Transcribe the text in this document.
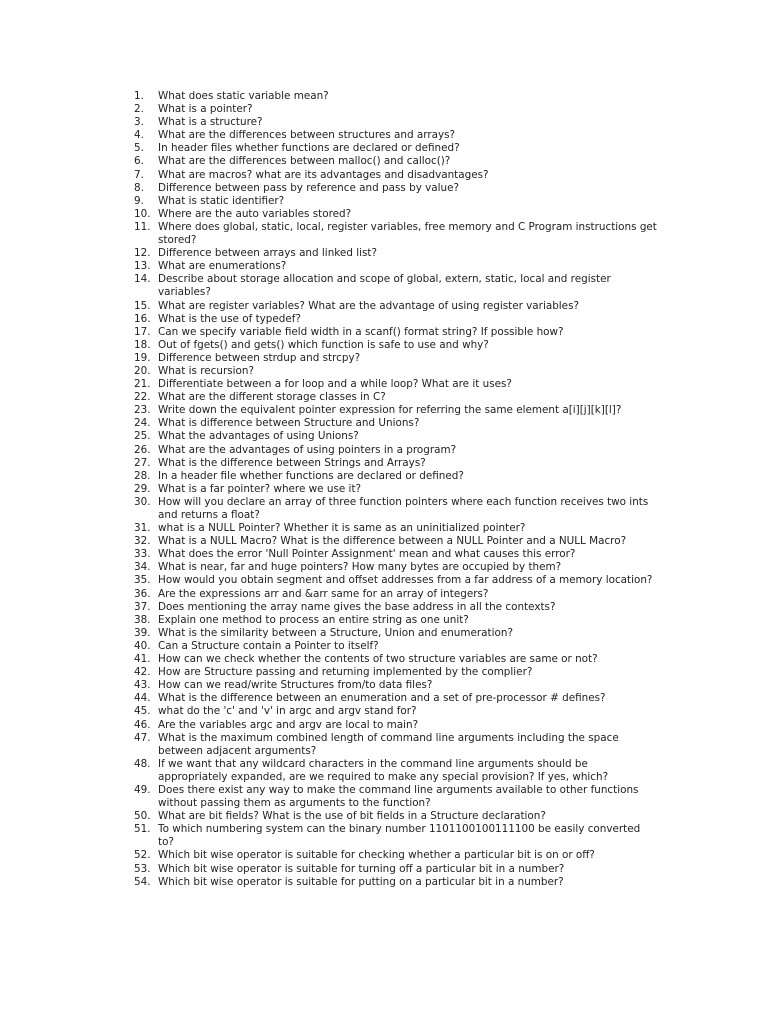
1.	What does static variable mean?
2.	What is a pointer?
3.	What is a structure?
4.	What are the differences between structures and arrays?
5.	In header files whether functions are declared or defined?
6.	What are the differences between malloc() and calloc()?
7.	What are macros? what are its advantages and disadvantages?
8.	Difference between pass by reference and pass by value?
9.	What is static identifier?
10. Where are the auto variables stored?
11. Where does global, static, local, register variables, free memory and C Program instructions get stored?
12. Difference between arrays and linked list?
13. What are enumerations?
14. Describe about storage allocation and scope of global, extern, static, local and register variables?
15. What are register variables? What are the advantage of using register variables?
16. What is the use of typedef?
17. Can we specify variable field width in a scanf() format string? If possible how?
18. Out of fgets() and gets() which function is safe to use and why?
19. Difference between strdup and strcpy?
20. What is recursion?
21. Differentiate between a for loop and a while loop? What are it uses?
22. What are the different storage classes in C?
23. Write down the equivalent pointer expression for referring the same element a[i][j][k][l]?
24. What is difference between Structure and Unions?
25. What the advantages of using Unions?
26. What are the advantages of using pointers in a program?
27. What is the difference between Strings and Arrays?
28. In a header file whether functions are declared or defined?
29. What is a far pointer? where we use it?
30. How will you declare an array of three function pointers where each function receives two ints and returns a float?
31. what is a NULL Pointer? Whether it is same as an uninitialized pointer?
32. What is a NULL Macro? What is the difference between a NULL Pointer and a NULL Macro?
33. What does the error 'Null Pointer Assignment' mean and what causes this error?
34. What is near, far and huge pointers? How many bytes are occupied by them?
35. How would you obtain segment and offset addresses from a far address of a memory location?
36. Are the expressions arr and &arr same for an array of integers?
37. Does mentioning the array name gives the base address in all the contexts?
38. Explain one method to process an entire string as one unit?
39. What is the similarity between a Structure, Union and enumeration?
40. Can a Structure contain a Pointer to itself?
41. How can we check whether the contents of two structure variables are same or not?
42. How are Structure passing and returning implemented by the complier?
43. How can we read/write Structures from/to data files?
44. What is the difference between an enumeration and a set of pre-processor # defines?
45. what do the 'c' and 'v' in argc and argv stand for?
46. Are the variables argc and argv are local to main?
47. What is the maximum combined length of command line arguments including the space between adjacent arguments?
48. If we want that any wildcard characters in the command line arguments should be appropriately expanded, are we required to make any special provision? If yes, which?
49. Does there exist any way to make the command line arguments available to other functions without passing them as arguments to the function?
50. What are bit fields? What is the use of bit fields in a Structure declaration?
51. To which numbering system can the binary number 1101100100111100 be easily converted to?
52. Which bit wise operator is suitable for checking whether a particular bit is on or off?
53. Which bit wise operator is suitable for turning off a particular bit in a number?
54. Which bit wise operator is suitable for putting on a particular bit in a number?
